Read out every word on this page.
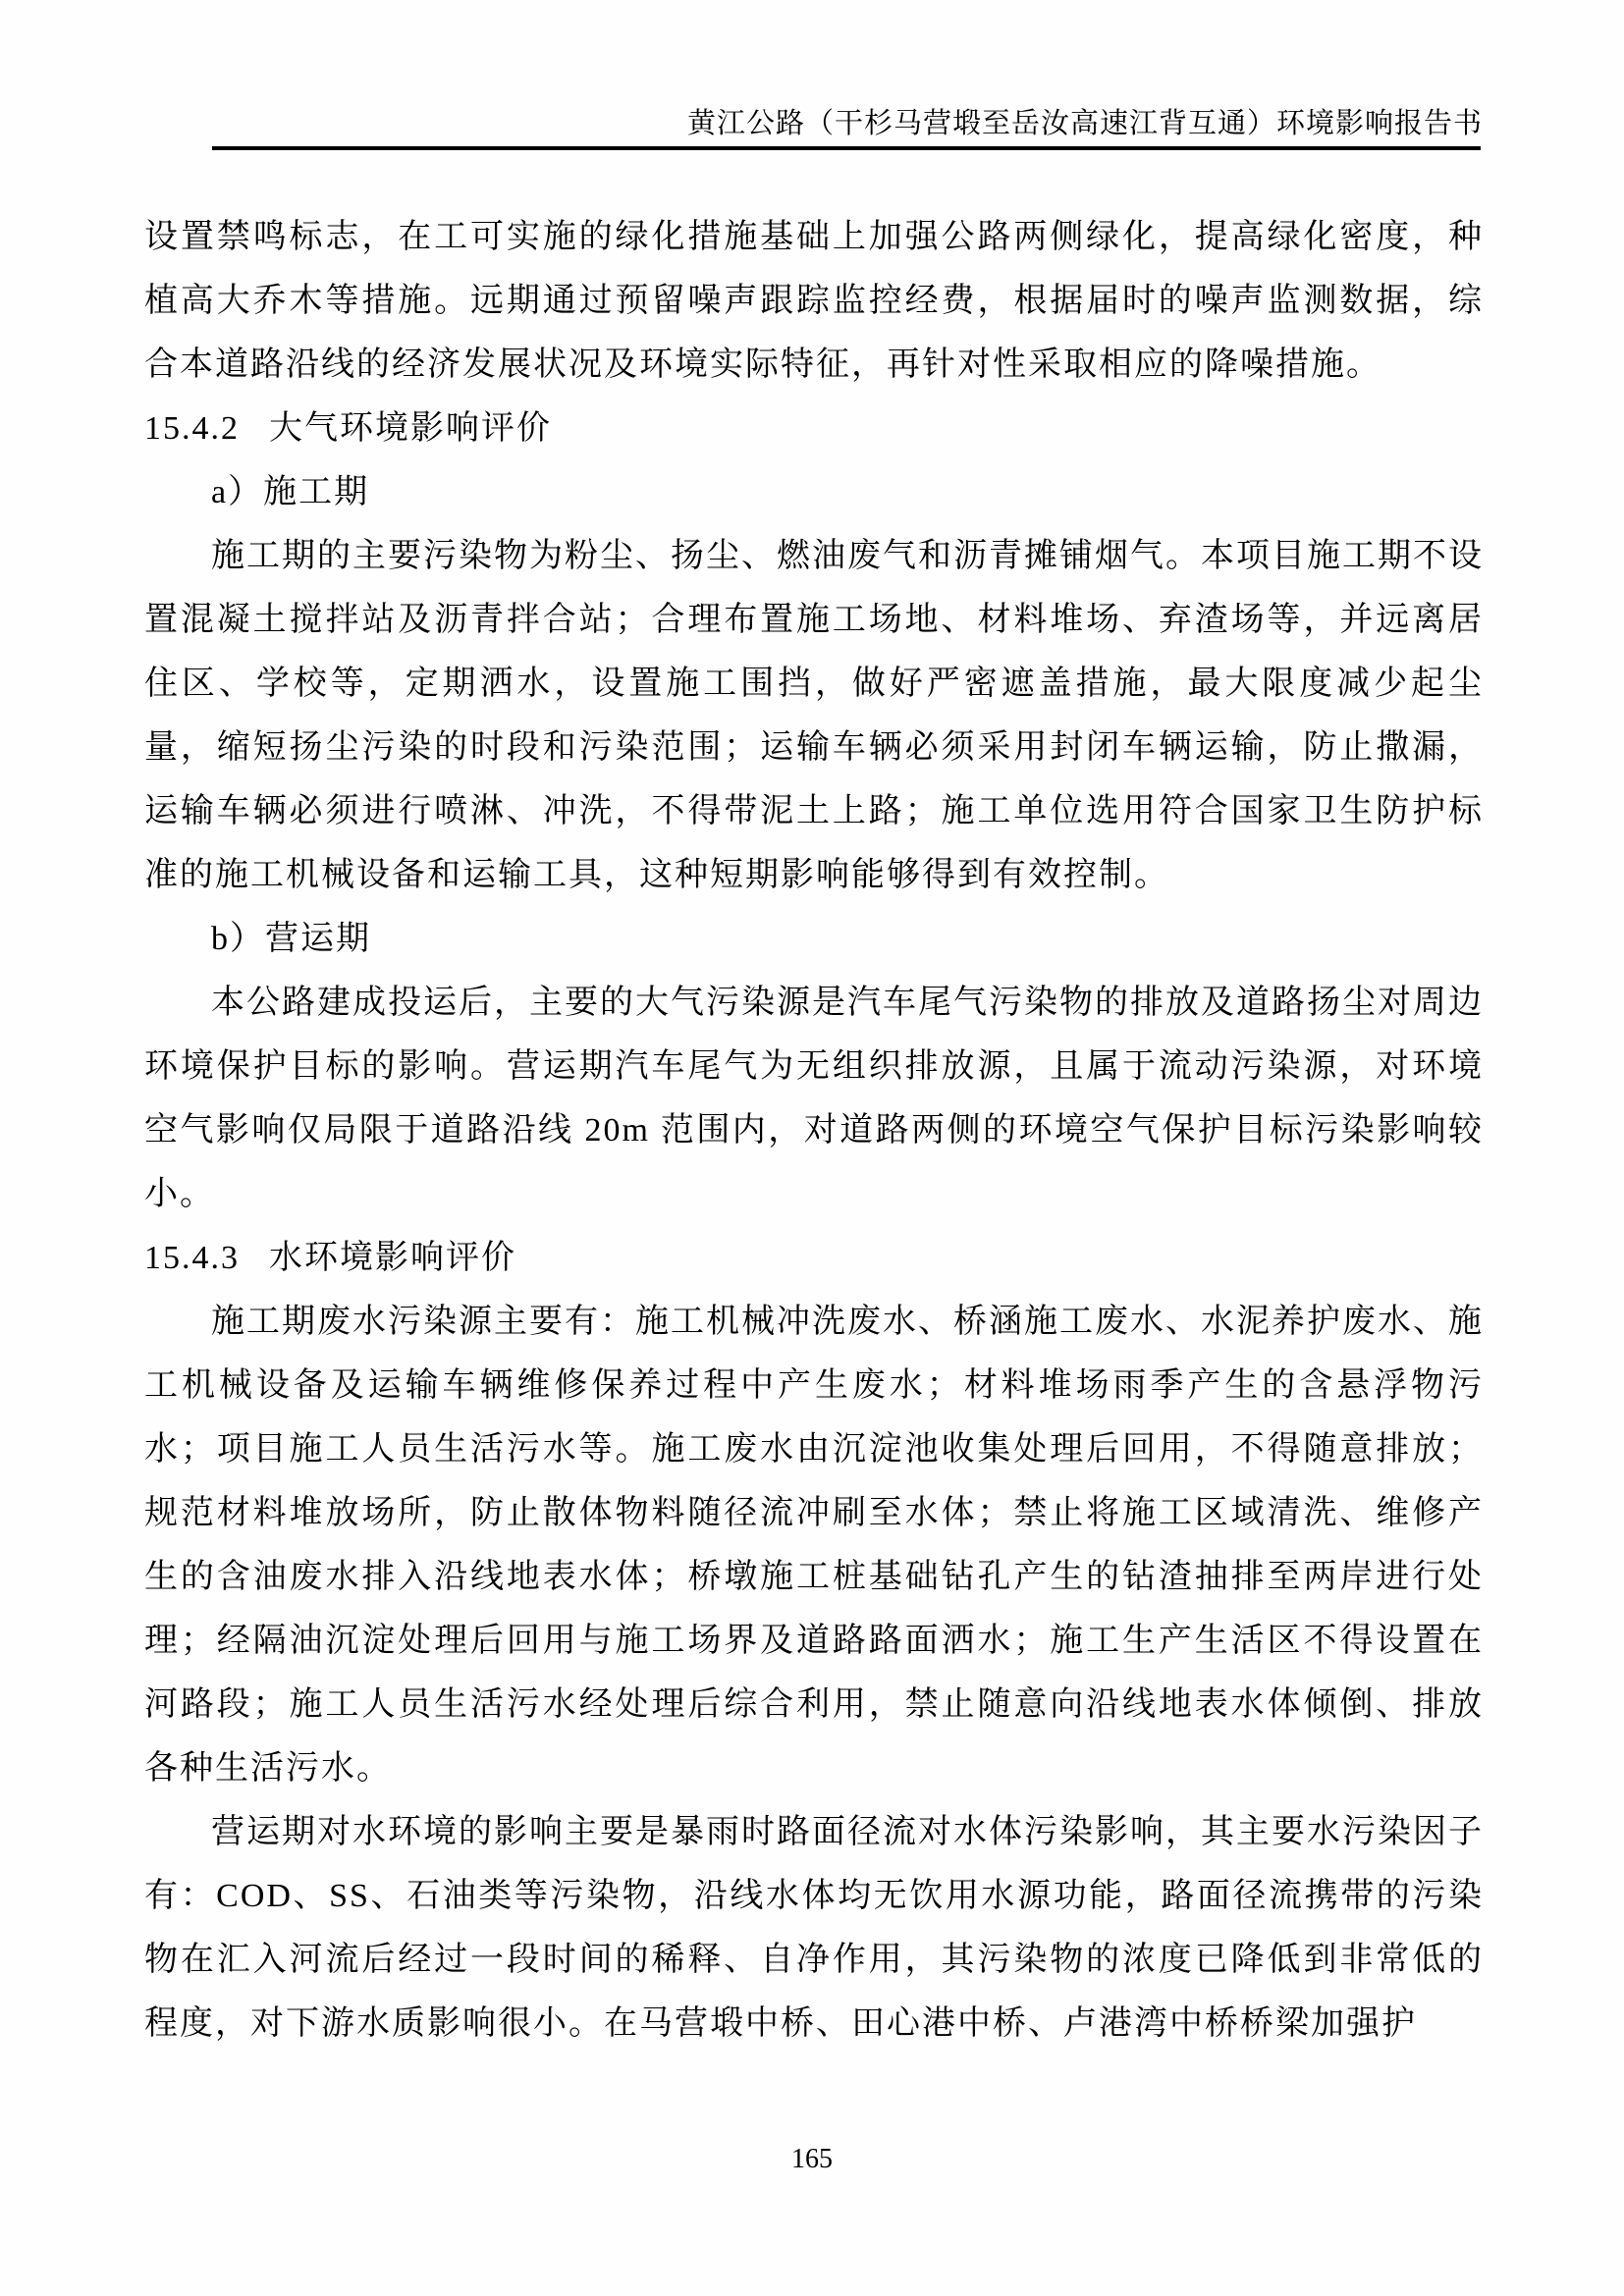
黄江公路（干杉马营塅至岳汝高速江背互通）环境影响报告书

设置禁鸣标志，在工可实施的绿化措施基础上加强公路两侧绿化，提高绿化密度，种植高大乔木等措施。远期通过预留噪声跟踪监控经费，根据届时的噪声监测数据，综合本道路沿线的经济发展状况及环境实际特征，再针对性采取相应的降噪措施。

15.4.2 大气环境影响评价

a）施工期

施工期的主要污染物为粉尘、扬尘、燃油废气和沥青摊铺烟气。本项目施工期不设置混凝土搅拌站及沥青拌合站；合理布置施工场地、材料堆场、弃渣场等，并远离居住区、学校等，定期洒水，设置施工围挡，做好严密遮盖措施，最大限度减少起尘量，缩短扬尘污染的时段和污染范围；运输车辆必须采用封闭车辆运输，防止撒漏，运输车辆必须进行喷淋、冲洗，不得带泥土上路；施工单位选用符合国家卫生防护标准的施工机械设备和运输工具，这种短期影响能够得到有效控制。

b）营运期

本公路建成投运后，主要的大气污染源是汽车尾气污染物的排放及道路扬尘对周边环境保护目标的影响。营运期汽车尾气为无组织排放源，且属于流动污染源，对环境空气影响仅局限于道路沿线 20m 范围内，对道路两侧的环境空气保护目标污染影响较小。

15.4.3 水环境影响评价

施工期废水污染源主要有：施工机械冲洗废水、桥涵施工废水、水泥养护废水、施工机械设备及运输车辆维修保养过程中产生废水；材料堆场雨季产生的含悬浮物污水；项目施工人员生活污水等。施工废水由沉淀池收集处理后回用，不得随意排放；规范材料堆放场所，防止散体物料随径流冲刷至水体；禁止将施工区域清洗、维修产生的含油废水排入沿线地表水体；桥墩施工桩基础钻孔产生的钻渣抽排至两岸进行处理；经隔油沉淀处理后回用与施工场界及道路路面洒水；施工生产生活区不得设置在河路段；施工人员生活污水经处理后综合利用，禁止随意向沿线地表水体倾倒、排放各种生活污水。

营运期对水环境的影响主要是暴雨时路面径流对水体污染影响，其主要水污染因子有：COD、SS、石油类等污染物，沿线水体均无饮用水源功能，路面径流携带的污染物在汇入河流后经过一段时间的稀释、自净作用，其污染物的浓度已降低到非常低的程度，对下游水质影响很小。在马营塅中桥、田心港中桥、卢港湾中桥桥梁加强护

165
